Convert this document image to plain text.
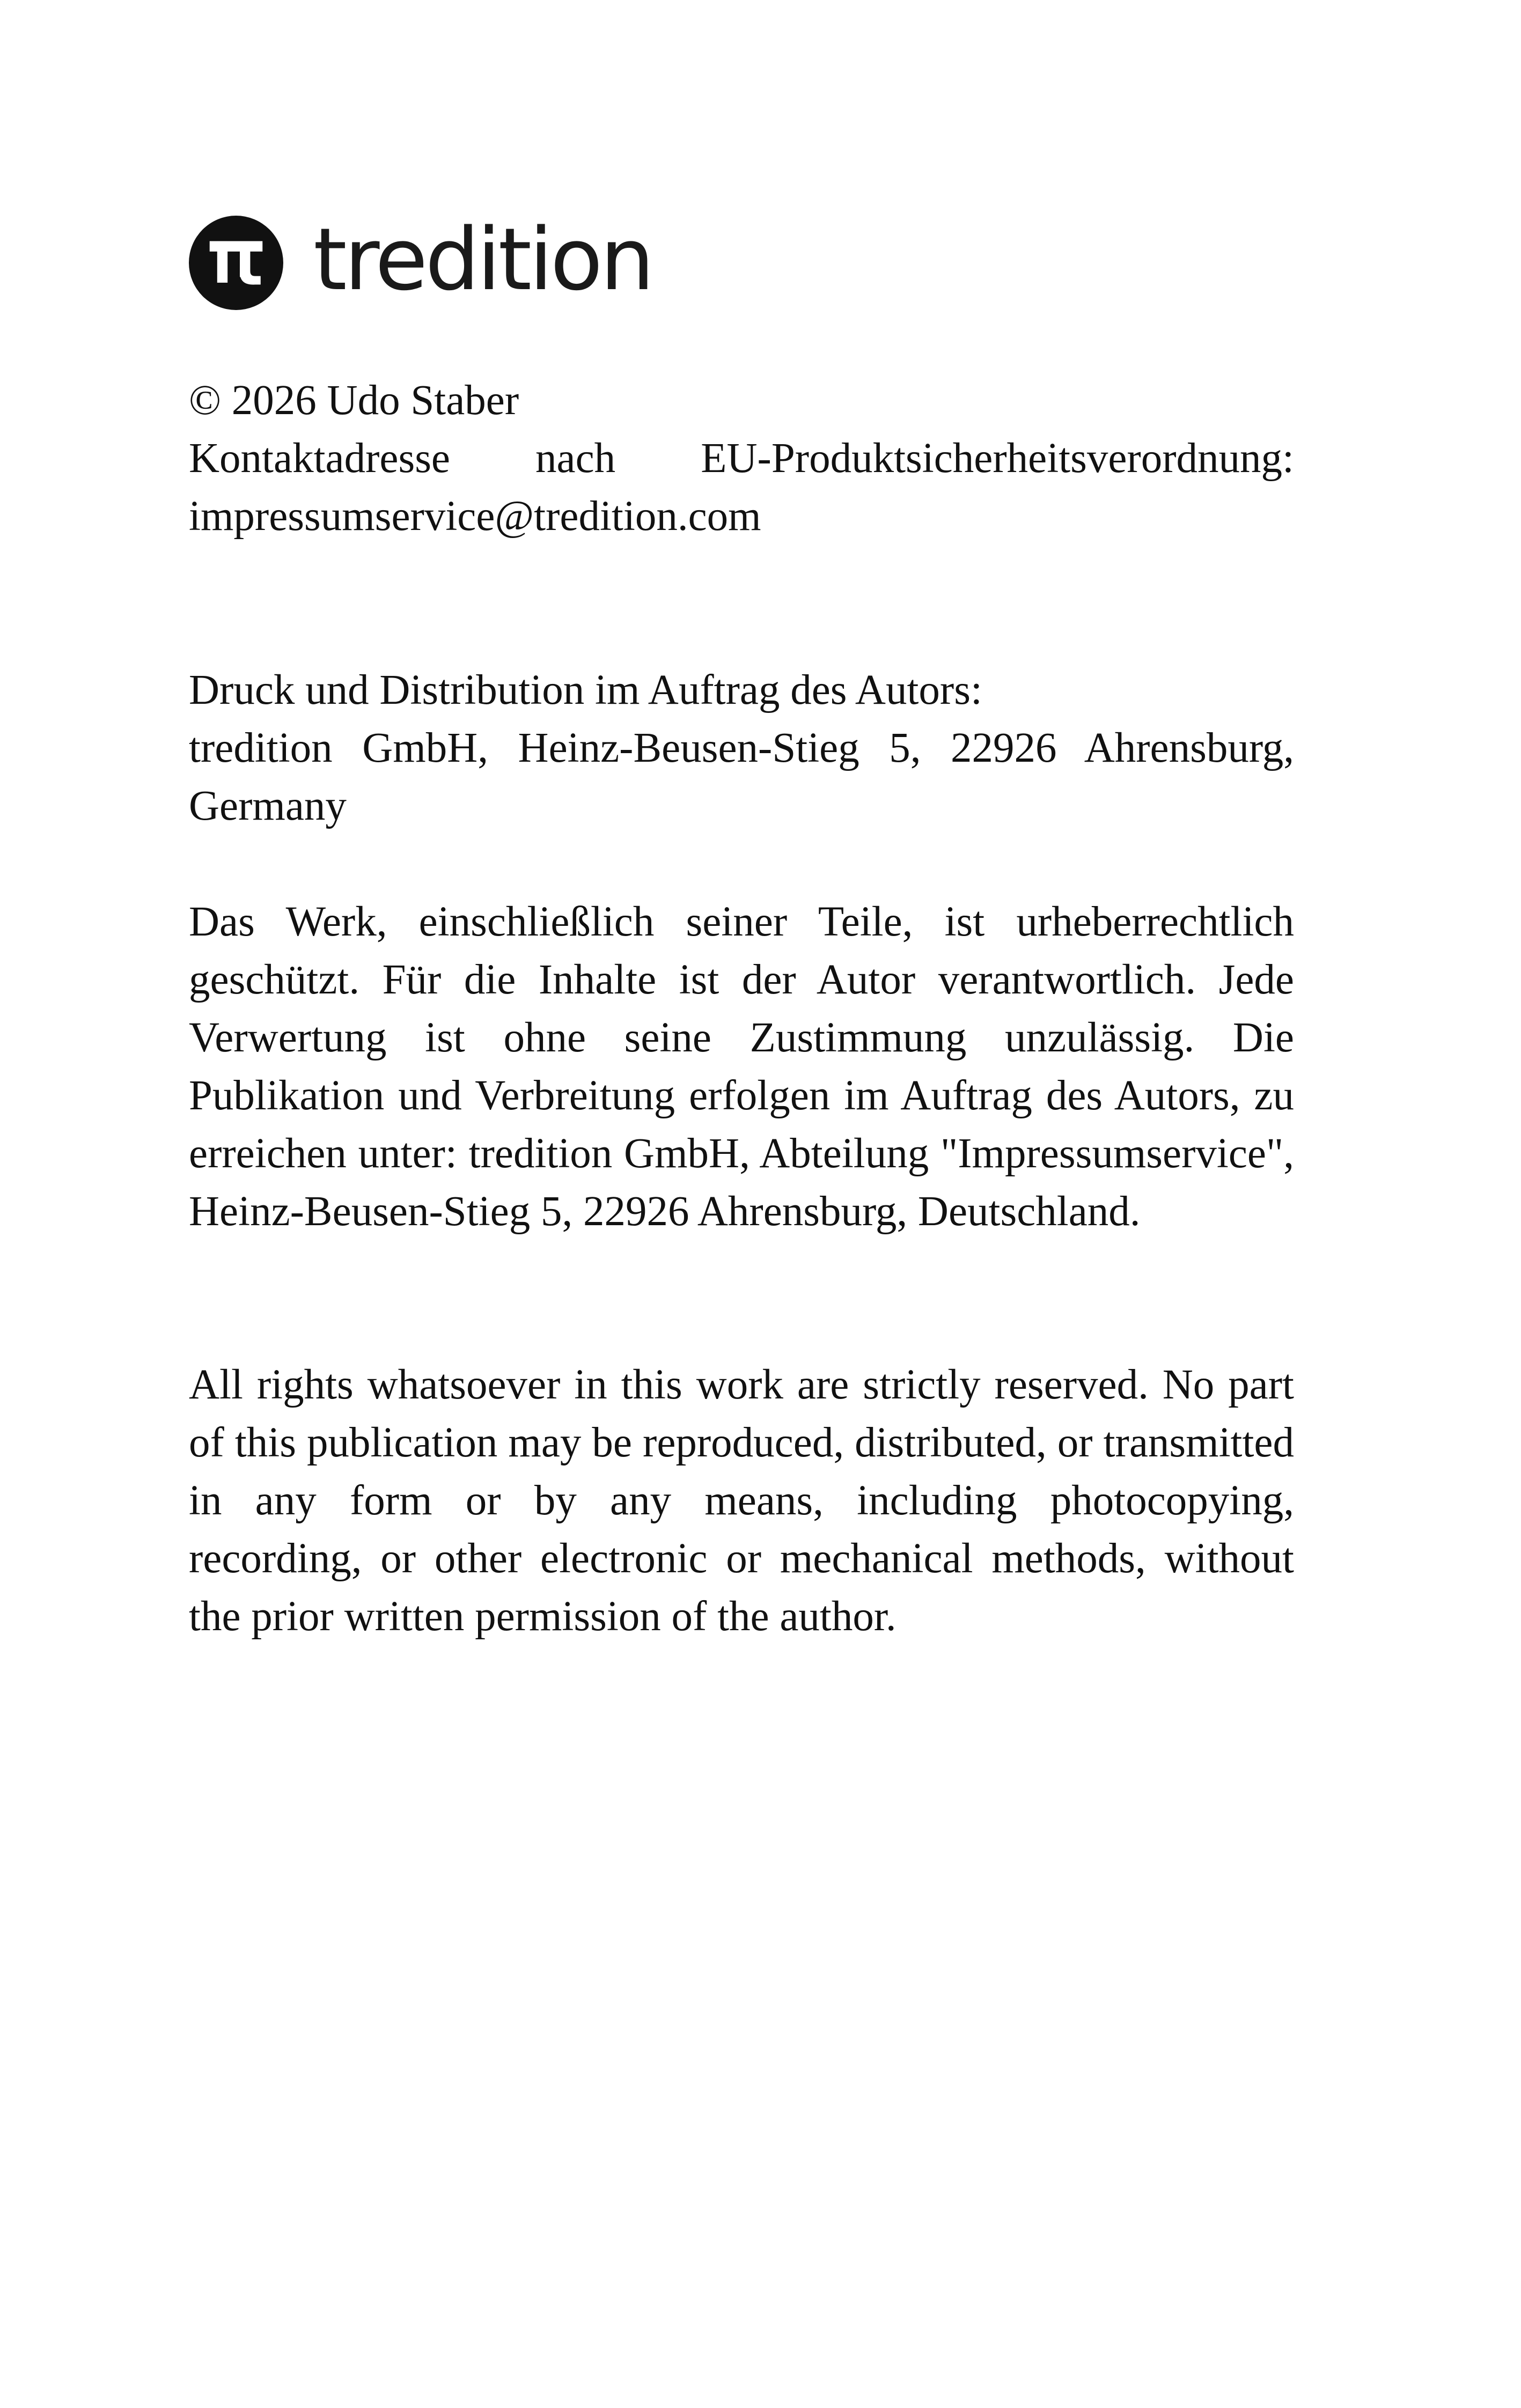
tredition

© 2026 Udo Staber
Kontaktadresse nach EU-Produktsicherheitsverordnung:
impressumservice@tredition.com

Druck und Distribution im Auftrag des Autors:
tredition GmbH, Heinz-Beusen-Stieg 5, 22926 Ahrensburg,
Germany

Das Werk, einschließlich seiner Teile, ist urheberrechtlich geschützt. Für die Inhalte ist der Autor verantwortlich. Jede Verwertung ist ohne seine Zustimmung unzulässig. Die Publikation und Verbreitung erfolgen im Auftrag des Autors, zu erreichen unter: tredition GmbH, Abteilung "Impressumservice", Heinz-Beusen-Stieg 5, 22926 Ahrensburg, Deutschland.

All rights whatsoever in this work are strictly reserved. No part of this publication may be reproduced, distributed, or transmitted in any form or by any means, including photocopying, recording, or other electronic or mechanical methods, without the prior written permission of the author.
